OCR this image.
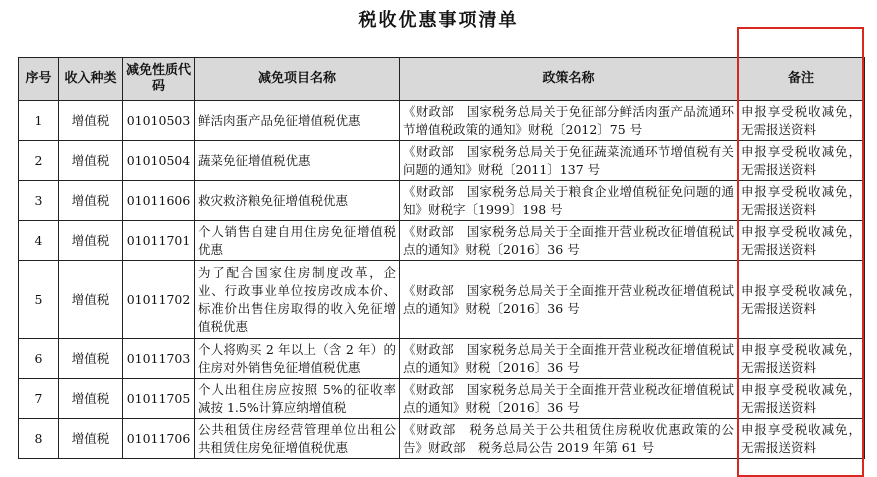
税收优惠事项清单
序号	收入种类	减免性质代码	减免项目名称	政策名称	备注
1	增值税	01010503	鲜活肉蛋产品免征增值税优惠	《财政部　国家税务总局关于免征部分鲜活肉蛋产品流通环节增值税政策的通知》财税〔2012〕75 号	申报享受税收减免，无需报送资料
2	增值税	01010504	蔬菜免征增值税优惠	《财政部　国家税务总局关于免征蔬菜流通环节增值税有关问题的通知》财税〔2011〕137 号	申报享受税收减免，无需报送资料
3	增值税	01011606	救灾救济粮免征增值税优惠	《财政部　国家税务总局关于粮食企业增值税征免问题的通知》财税字〔1999〕198 号	申报享受税收减免，无需报送资料
4	增值税	01011701	个人销售自建自用住房免征增值税优惠	《财政部　国家税务总局关于全面推开营业税改征增值税试点的通知》财税〔2016〕36 号	申报享受税收减免，无需报送资料
5	增值税	01011702	为了配合国家住房制度改革，企业、行政事业单位按房改成本价、标准价出售住房取得的收入免征增值税优惠	《财政部　国家税务总局关于全面推开营业税改征增值税试点的通知》财税〔2016〕36 号	申报享受税收减免，无需报送资料
6	增值税	01011703	个人将购买 2 年以上（含 2 年）的住房对外销售免征增值税优惠	《财政部　国家税务总局关于全面推开营业税改征增值税试点的通知》财税〔2016〕36 号	申报享受税收减免，无需报送资料
7	增值税	01011705	个人出租住房应按照 5%的征收率减按 1.5%计算应纳增值税	《财政部　国家税务总局关于全面推开营业税改征增值税试点的通知》财税〔2016〕36 号	申报享受税收减免，无需报送资料
8	增值税	01011706	公共租赁住房经营管理单位出租公共租赁住房免征增值税优惠	《财政部　税务总局关于公共租赁住房税收优惠政策的公告》财政部　税务总局公告 2019 年第 61 号	申报享受税收减免，无需报送资料
